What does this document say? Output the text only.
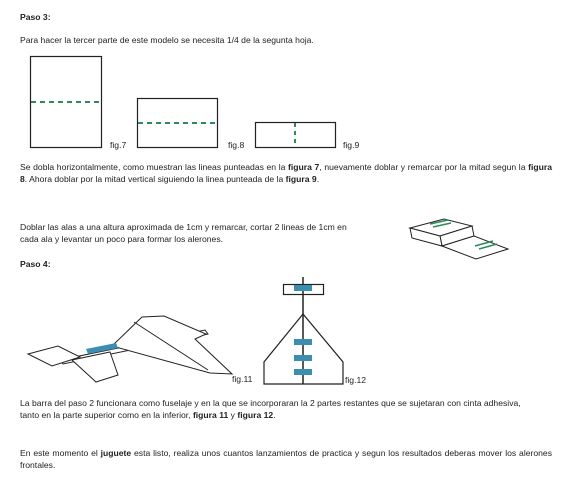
Paso 3:
Para hacer la tercer parte de este modelo se necesita 1/4 de la segunta hoja.
fig.7	fig.8	fig.9
Se dobla horizontalmente, como muestran las lineas punteadas en la figura 7, nuevamente doblar y remarcar por la mitad segun la figura 8. Ahora doblar por la mitad vertical siguiendo la linea punteada de la figura 9.
Doblar las alas a una altura aproximada de 1cm y remarcar, cortar 2 lineas de 1cm en
cada ala y levantar un poco para formar los alerones.
Paso 4:
fig.11	fig.12
La barra del paso 2 funcionara como fuselaje y en la que se incorporaran la 2 partes restantes que se sujetaran con cinta adhesiva,
tanto en la parte superior como en la inferior, figura 11 y figura 12.
En este momento el juguete esta listo, realiza unos cuantos lanzamientos de practica y segun los resultados deberas mover los alerones frontales.
